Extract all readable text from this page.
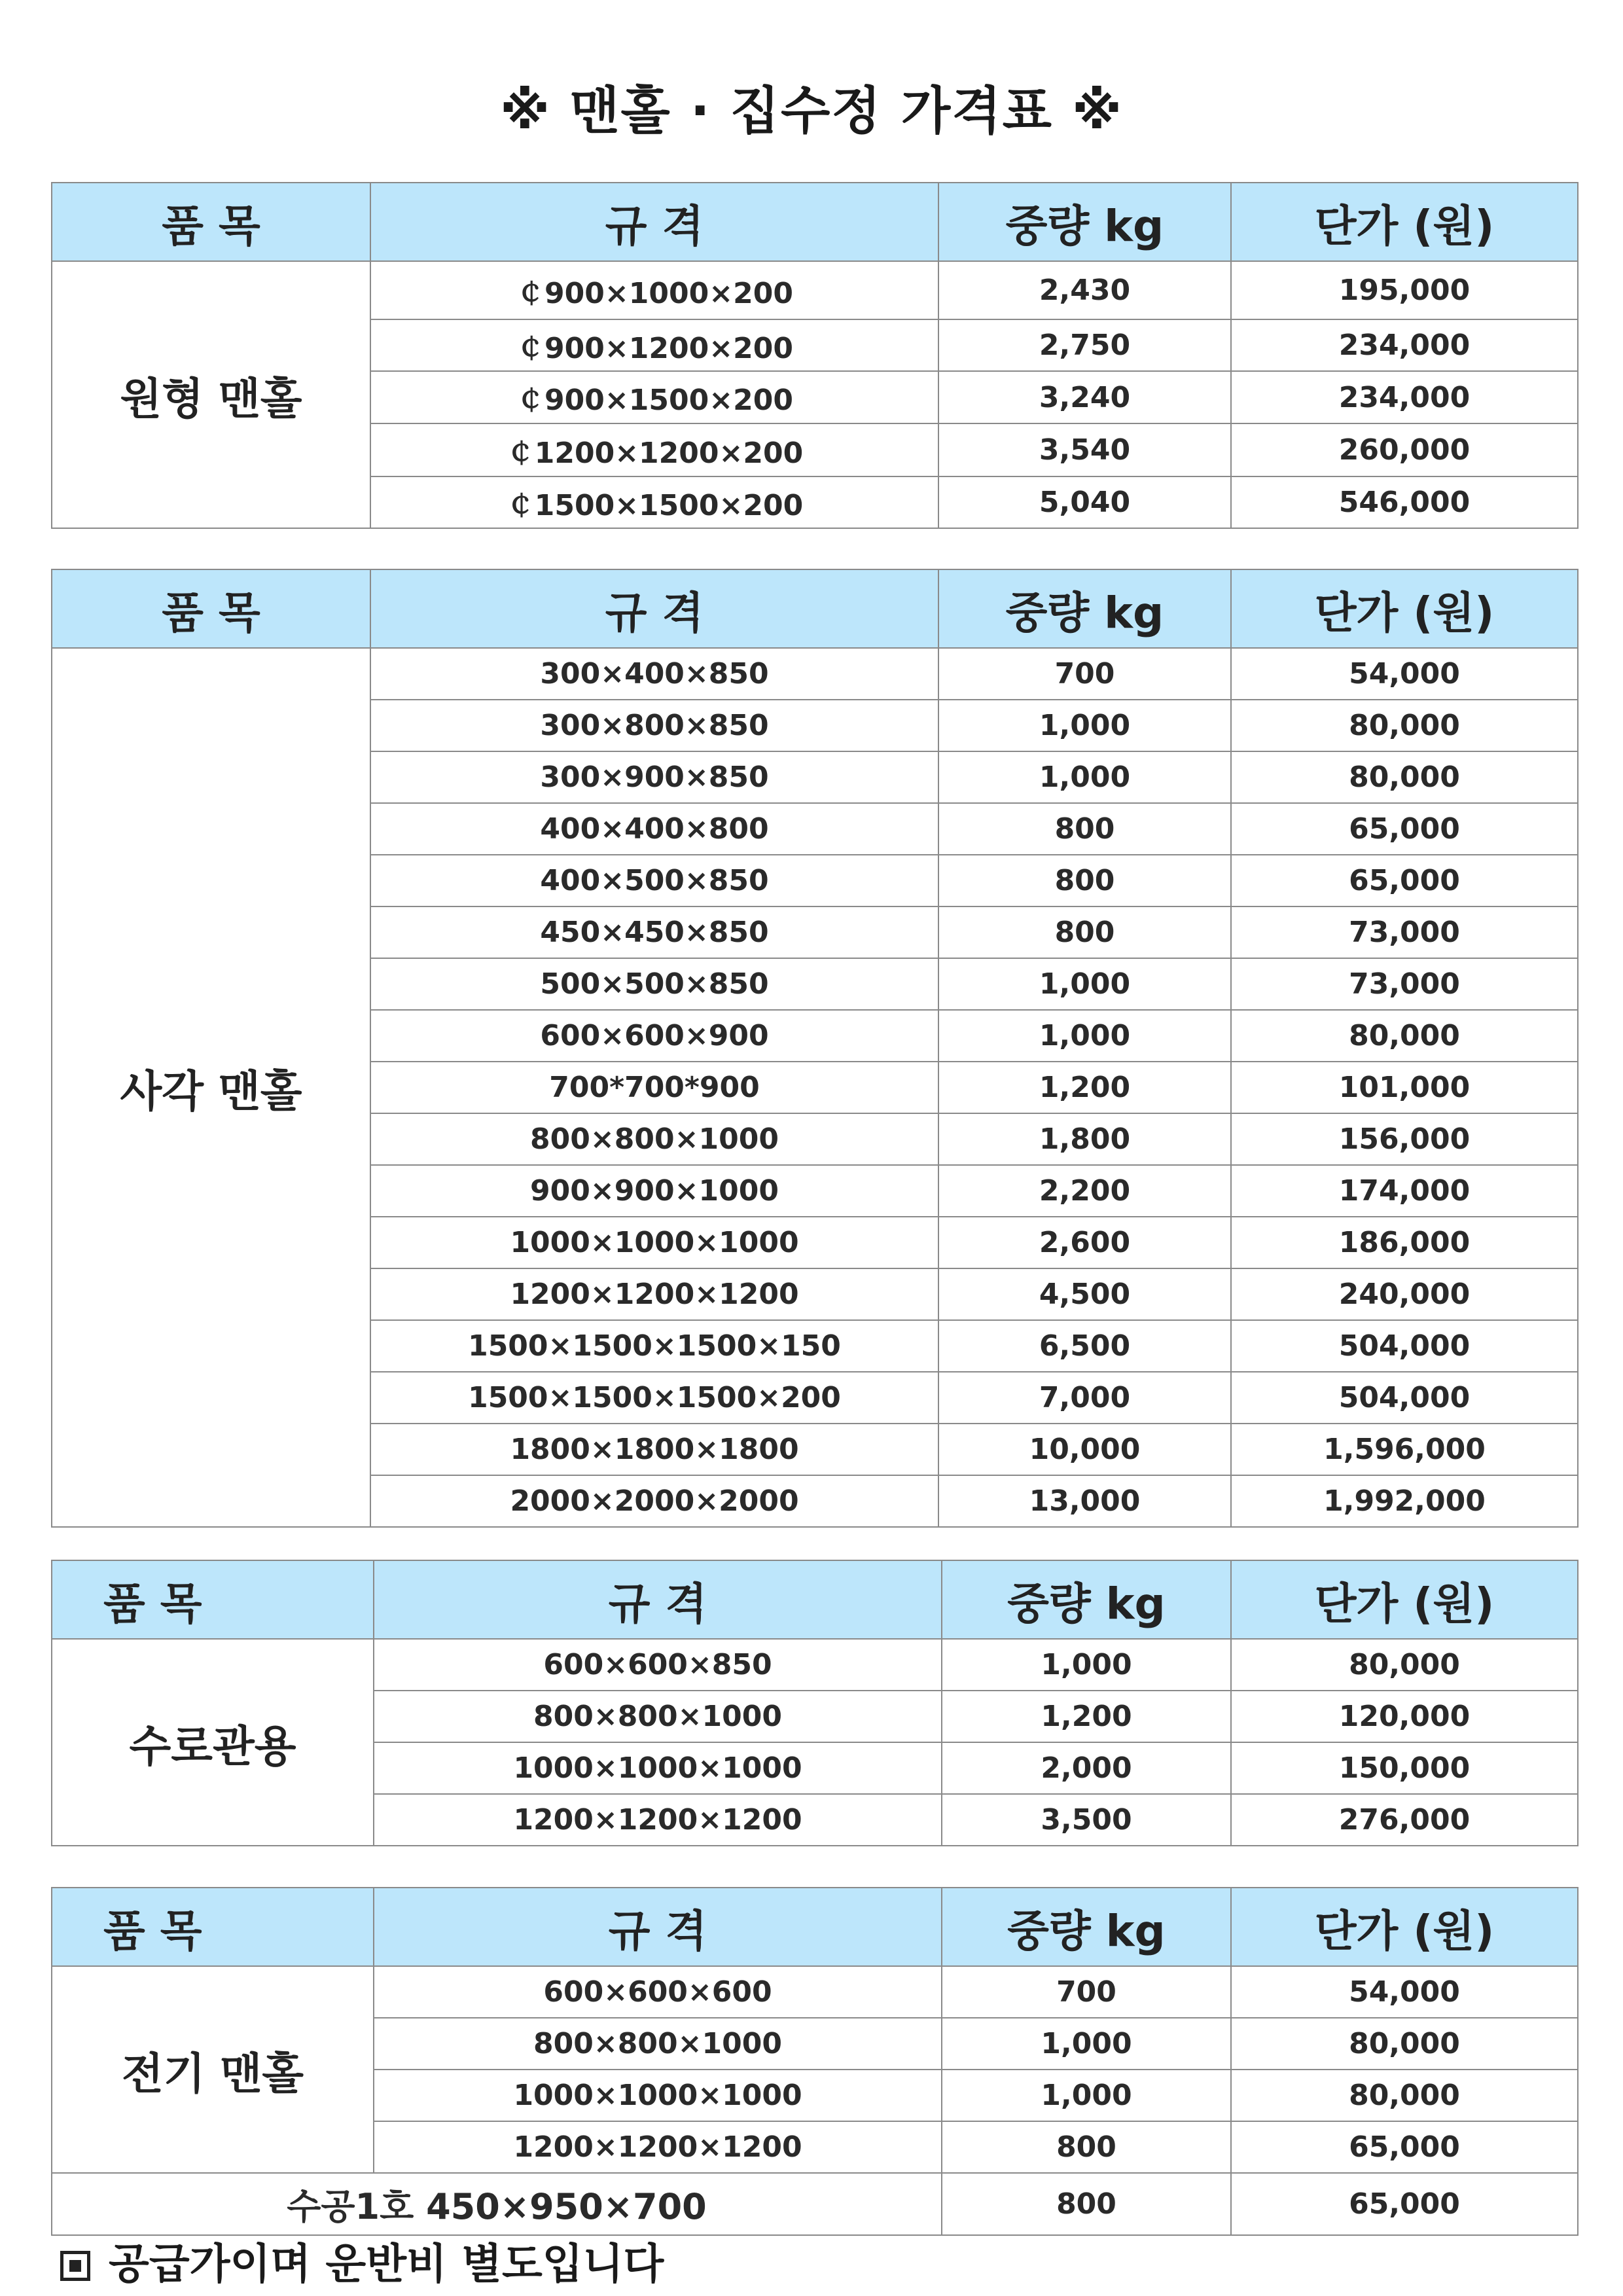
※ 맨홀 · 집수정 가격표 ※
품 목	규 격	중량 kg	단가 (원)
원형 맨홀	￠900×1000×200	2,430	195,000
	￠900×1200×200	2,750	234,000
	￠900×1500×200	3,240	234,000
	￠1200×1200×200	3,540	260,000
	￠1500×1500×200	5,040	546,000
품 목	규 격	중량 kg	단가 (원)
사각 맨홀	300×400×850	700	54,000
	300×800×850	1,000	80,000
	300×900×850	1,000	80,000
	400×400×800	800	65,000
	400×500×850	800	65,000
	450×450×850	800	73,000
	500×500×850	1,000	73,000
	600×600×900	1,000	80,000
	700*700*900	1,200	101,000
	800×800×1000	1,800	156,000
	900×900×1000	2,200	174,000
	1000×1000×1000	2,600	186,000
	1200×1200×1200	4,500	240,000
	1500×1500×1500×150	6,500	504,000
	1500×1500×1500×200	7,000	504,000
	1800×1800×1800	10,000	1,596,000
	2000×2000×2000	13,000	1,992,000
품 목	규 격	중량 kg	단가 (원)
수로관용	600×600×850	1,000	80,000
	800×800×1000	1,200	120,000
	1000×1000×1000	2,000	150,000
	1200×1200×1200	3,500	276,000
품 목	규 격	중량 kg	단가 (원)
전기 맨홀	600×600×600	700	54,000
	800×800×1000	1,000	80,000
	1000×1000×1000	1,000	80,000
	1200×1200×1200	800	65,000
수공1호 450×950×700		800	65,000
공급가이며 운반비 별도입니다
